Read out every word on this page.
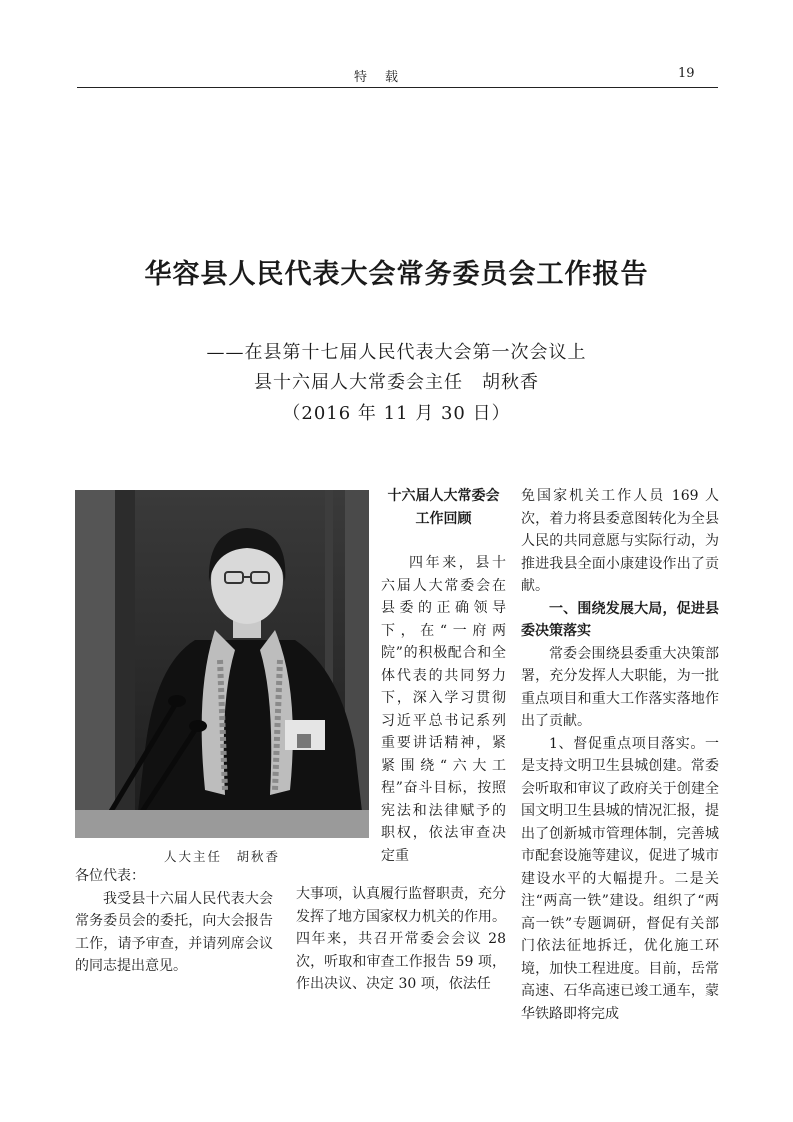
特载	19
华容县人民代表大会常务委员会工作报告
——在县第十七届人民代表大会第一次会议上
县十六届人大常委会主任　胡秋香
（2016 年 11 月 30 日）
人大主任　胡秋香

各位代表：

我受县十六届人民代表大会常务委员会的委托，向大会报告工作，请予审查，并请列席会议的同志提出意见。

十六届人大常委会

工作回顾

四年来，县十六届人大常委会在县委的正确领导下，在“一府两院”的积极配合和全体代表的共同努力下，深入学习贯彻习近平总书记系列重要讲话精神，紧紧围绕“六大工程”奋斗目标，按照宪法和法律赋予的职权，依法审查决定重

大事项，认真履行监督职责，充分发挥了地方国家权力机关的作用。四年来，共召开常委会会议 28 次，听取和审查工作报告 59 项，作出决议、决定 30 项，依法任

免国家机关工作人员 169 人次，着力将县委意图转化为全县人民的共同意愿与实际行动，为推进我县全面小康建设作出了贡献。

一、围绕发展大局，促进县委决策落实

常委会围绕县委重大决策部署，充分发挥人大职能，为一批重点项目和重大工作落实落地作出了贡献。

1、督促重点项目落实。一是支持文明卫生县城创建。常委会听取和审议了政府关于创建全国文明卫生县城的情况汇报，提出了创新城市管理体制，完善城市配套设施等建议，促进了城市建设水平的大幅提升。二是关注“两高一铁”建设。组织了“两高一铁”专题调研，督促有关部门依法征地拆迁，优化施工环境，加快工程进度。目前，岳常高速、石华高速已竣工通车，蒙华铁路即将完成
